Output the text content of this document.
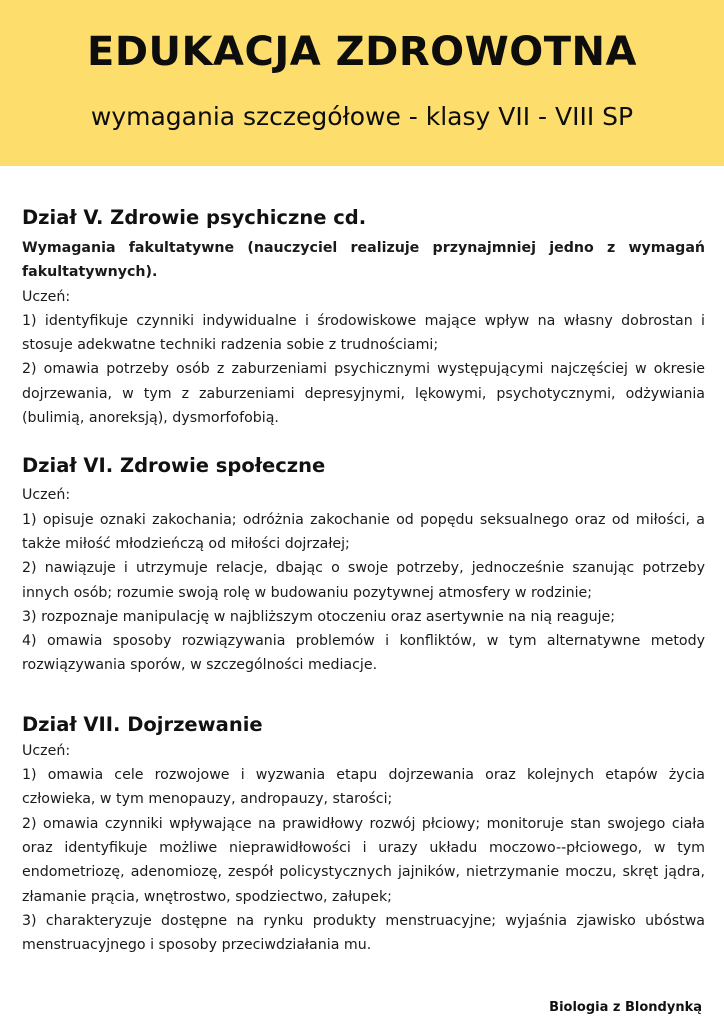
EDUKACJA ZDROWOTNA

wymagania szczegółowe - klasy VII - VIII SP

Dział V. Zdrowie psychiczne cd.

Wymagania fakultatywne (nauczyciel realizuje przynajmniej jedno z wymagań fakultatywnych).

Uczeń:

1) identyfikuje czynniki indywidualne i środowiskowe mające wpływ na własny dobrostan i stosuje adekwatne techniki radzenia sobie z trudnościami;

2) omawia potrzeby osób z zaburzeniami psychicznymi występującymi najczęściej w okresie dojrzewania, w tym z zaburzeniami depresyjnymi, lękowymi, psychotycznymi, odżywiania (bulimią, anoreksją), dysmorfofobią.

Dział VI. Zdrowie społeczne

Uczeń:

1) opisuje oznaki zakochania; odróżnia zakochanie od popędu seksualnego oraz od miłości, a także miłość młodzieńczą od miłości dojrzałej;

2) nawiązuje i utrzymuje relacje, dbając o swoje potrzeby, jednocześnie szanując potrzeby innych osób; rozumie swoją rolę w budowaniu pozytywnej atmosfery w rodzinie;

3) rozpoznaje manipulację w najbliższym otoczeniu oraz asertywnie na nią reaguje;

4) omawia sposoby rozwiązywania problemów i konfliktów, w tym alternatywne metody rozwiązywania sporów, w szczególności mediacje.

Dział VII. Dojrzewanie

Uczeń:

1) omawia cele rozwojowe i wyzwania etapu dojrzewania oraz kolejnych etapów życia człowieka, w tym menopauzy, andropauzy, starości;

2) omawia czynniki wpływające na prawidłowy rozwój płciowy; monitoruje stan swojego ciała oraz identyfikuje możliwe nieprawidłowości i urazy układu moczowo--płciowego, w tym endometriozę, adenomiozę, zespół policystycznych jajników, nietrzymanie moczu, skręt jądra, złamanie prącia, wnętrostwo, spodziectwo, załupek;

3) charakteryzuje dostępne na rynku produkty menstruacyjne; wyjaśnia zjawisko ubóstwa menstruacyjnego i sposoby przeciwdziałania mu.

Biologia z Blondynką
